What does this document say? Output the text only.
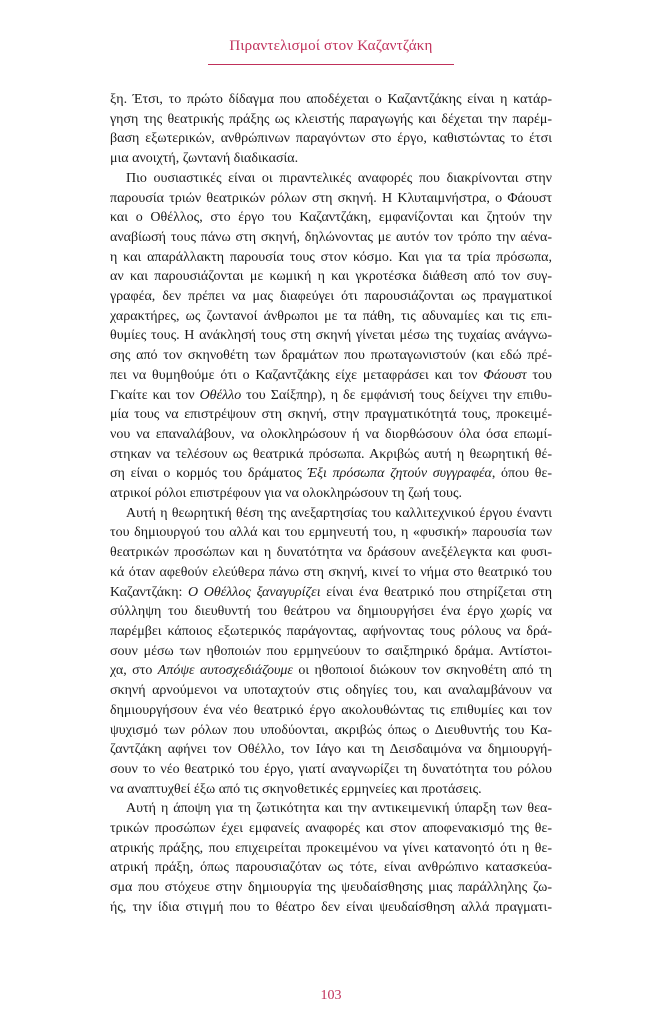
Πιραντελισμοί στον Καζαντζάκη

ξη. Έτσι, το πρώτο δίδαγμα που αποδέχεται ο Καζαντζάκης είναι η κατάρ-
γηση της θεατρικής πράξης ως κλειστής παραγωγής και δέχεται την παρέμ-
βαση εξωτερικών, ανθρώπινων παραγόντων στο έργο, καθιστώντας το έτσι
μια ανοιχτή, ζωντανή διαδικασία.

Πιο ουσιαστικές είναι οι πιραντελικές αναφορές που διακρίνονται στην
παρουσία τριών θεατρικών ρόλων στη σκηνή. Η Κλυταιμνήστρα, ο Φάουστ
και ο Οθέλλος, στο έργο του Καζαντζάκη, εμφανίζονται και ζητούν την
αναβίωσή τους πάνω στη σκηνή, δηλώνοντας με αυτόν τον τρόπο την αένα-
η και απαράλλακτη παρουσία τους στον κόσμο. Και για τα τρία πρόσωπα,
αν και παρουσιάζονται με κωμική η και γκροτέσκα διάθεση από τον συγ-
γραφέα, δεν πρέπει να μας διαφεύγει ότι παρουσιάζονται ως πραγματικοί
χαρακτήρες, ως ζωντανοί άνθρωποι με τα πάθη, τις αδυναμίες και τις επι-
θυμίες τους. Η ανάκλησή τους στη σκηνή γίνεται μέσω της τυχαίας ανάγνω-
σης από τον σκηνοθέτη των δραμάτων που πρωταγωνιστούν (και εδώ πρέ-
πει να θυμηθούμε ότι ο Καζαντζάκης είχε μεταφράσει και τον Φάουστ του
Γκαίτε και τον Οθέλλο του Σαίξπηρ), η δε εμφάνισή τους δείχνει την επιθυ-
μία τους να επιστρέψουν στη σκηνή, στην πραγματικότητά τους, προκειμέ-
νου να επαναλάβουν, να ολοκληρώσουν ή να διορθώσουν όλα όσα επωμί-
στηκαν να τελέσουν ως θεατρικά πρόσωπα. Ακριβώς αυτή η θεωρητική θέ-
ση είναι ο κορμός του δράματος Έξι πρόσωπα ζητούν συγγραφέα, όπου θε-
ατρικοί ρόλοι επιστρέφουν για να ολοκληρώσουν τη ζωή τους.

Αυτή η θεωρητική θέση της ανεξαρτησίας του καλλιτεχνικού έργου έναντι
του δημιουργού του αλλά και του ερμηνευτή του, η «φυσική» παρουσία των
θεατρικών προσώπων και η δυνατότητα να δράσουν ανεξέλεγκτα και φυσι-
κά όταν αφεθούν ελεύθερα πάνω στη σκηνή, κινεί το νήμα στο θεατρικό του
Καζαντζάκη: Ο Οθέλλος ξαναγυρίζει είναι ένα θεατρικό που στηρίζεται στη
σύλληψη του διευθυντή του θεάτρου να δημιουργήσει ένα έργο χωρίς να
παρέμβει κάποιος εξωτερικός παράγοντας, αφήνοντας τους ρόλους να δρά-
σουν μέσω των ηθοποιών που ερμηνεύουν το σαιξπηρικό δράμα. Αντίστοι-
χα, στο Απόψε αυτοσχεδιάζουμε οι ηθοποιοί διώκουν τον σκηνοθέτη από τη
σκηνή αρνούμενοι να υποταχτούν στις οδηγίες του, και αναλαμβάνουν να
δημιουργήσουν ένα νέο θεατρικό έργο ακολουθώντας τις επιθυμίες και τον
ψυχισμό των ρόλων που υποδύονται, ακριβώς όπως ο Διευθυντής του Κα-
ζαντζάκη αφήνει τον Οθέλλο, τον Ιάγο και τη Δεισδαιμόνα να δημιουργή-
σουν το νέο θεατρικό του έργο, γιατί αναγνωρίζει τη δυνατότητα του ρόλου
να αναπτυχθεί έξω από τις σκηνοθετικές ερμηνείες και προτάσεις.

Αυτή η άποψη για τη ζωτικότητα και την αντικειμενική ύπαρξη των θεα-
τρικών προσώπων έχει εμφανείς αναφορές και στον αποφενακισμό της θε-
ατρικής πράξης, που επιχειρείται προκειμένου να γίνει κατανοητό ότι η θε-
ατρική πράξη, όπως παρουσιαζόταν ως τότε, είναι ανθρώπινο κατασκεύα-
σμα που στόχευε στην δημιουργία της ψευδαίσθησης μιας παράλληλης ζω-
ής, την ίδια στιγμή που το θέατρο δεν είναι ψευδαίσθηση αλλά πραγματι-

103
